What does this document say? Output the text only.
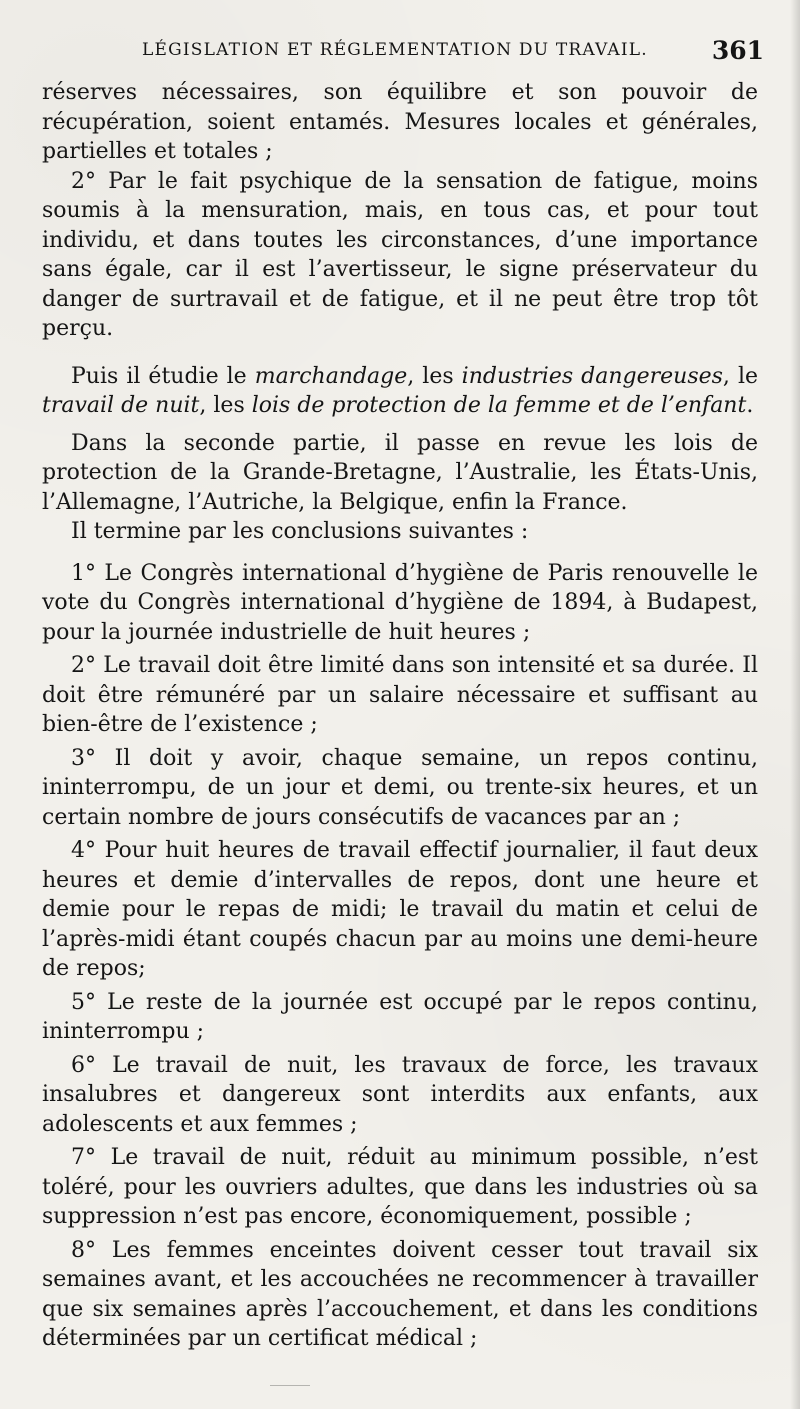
LÉGISLATION ET RÉGLEMENTATION DU TRAVAIL.	361

réserves nécessaires, son équilibre et son pouvoir de récupération, soient entamés. Mesures locales et générales, partielles et totales ;

2° Par le fait psychique de la sensation de fatigue, moins soumis à la mensuration, mais, en tous cas, et pour tout individu, et dans toutes les circonstances, d’une importance sans égale, car il est l’avertisseur, le signe préservateur du danger de surtravail et de fatigue, et il ne peut être trop tôt perçu.

Puis il étudie le marchandage, les industries dangereuses, le travail de nuit, les lois de protection de la femme et de l’enfant.

Dans la seconde partie, il passe en revue les lois de protection de la Grande-Bretagne, l’Australie, les États-Unis, l’Allemagne, l’Autriche, la Belgique, enfin la France.

Il termine par les conclusions suivantes :

1° Le Congrès international d’hygiène de Paris renouvelle le vote du Congrès international d’hygiène de 1894, à Budapest, pour la journée industrielle de huit heures ;

2° Le travail doit être limité dans son intensité et sa durée. Il doit être rémunéré par un salaire nécessaire et suffisant au bien-être de l’existence ;

3° Il doit y avoir, chaque semaine, un repos continu, ininterrompu, de un jour et demi, ou trente-six heures, et un certain nombre de jours consécutifs de vacances par an ;

4° Pour huit heures de travail effectif journalier, il faut deux heures et demie d’intervalles de repos, dont une heure et demie pour le repas de midi; le travail du matin et celui de l’après-midi étant coupés chacun par au moins une demi-heure de repos;

5° Le reste de la journée est occupé par le repos continu, ininterrompu ;

6° Le travail de nuit, les travaux de force, les travaux insalubres et dangereux sont interdits aux enfants, aux adolescents et aux femmes ;

7° Le travail de nuit, réduit au minimum possible, n’est toléré, pour les ouvriers adultes, que dans les industries où sa suppression n’est pas encore, économiquement, possible ;

8° Les femmes enceintes doivent cesser tout travail six semaines avant, et les accouchées ne recommencer à travailler que six semaines après l’accouchement, et dans les conditions déterminées par un certificat médical ;
